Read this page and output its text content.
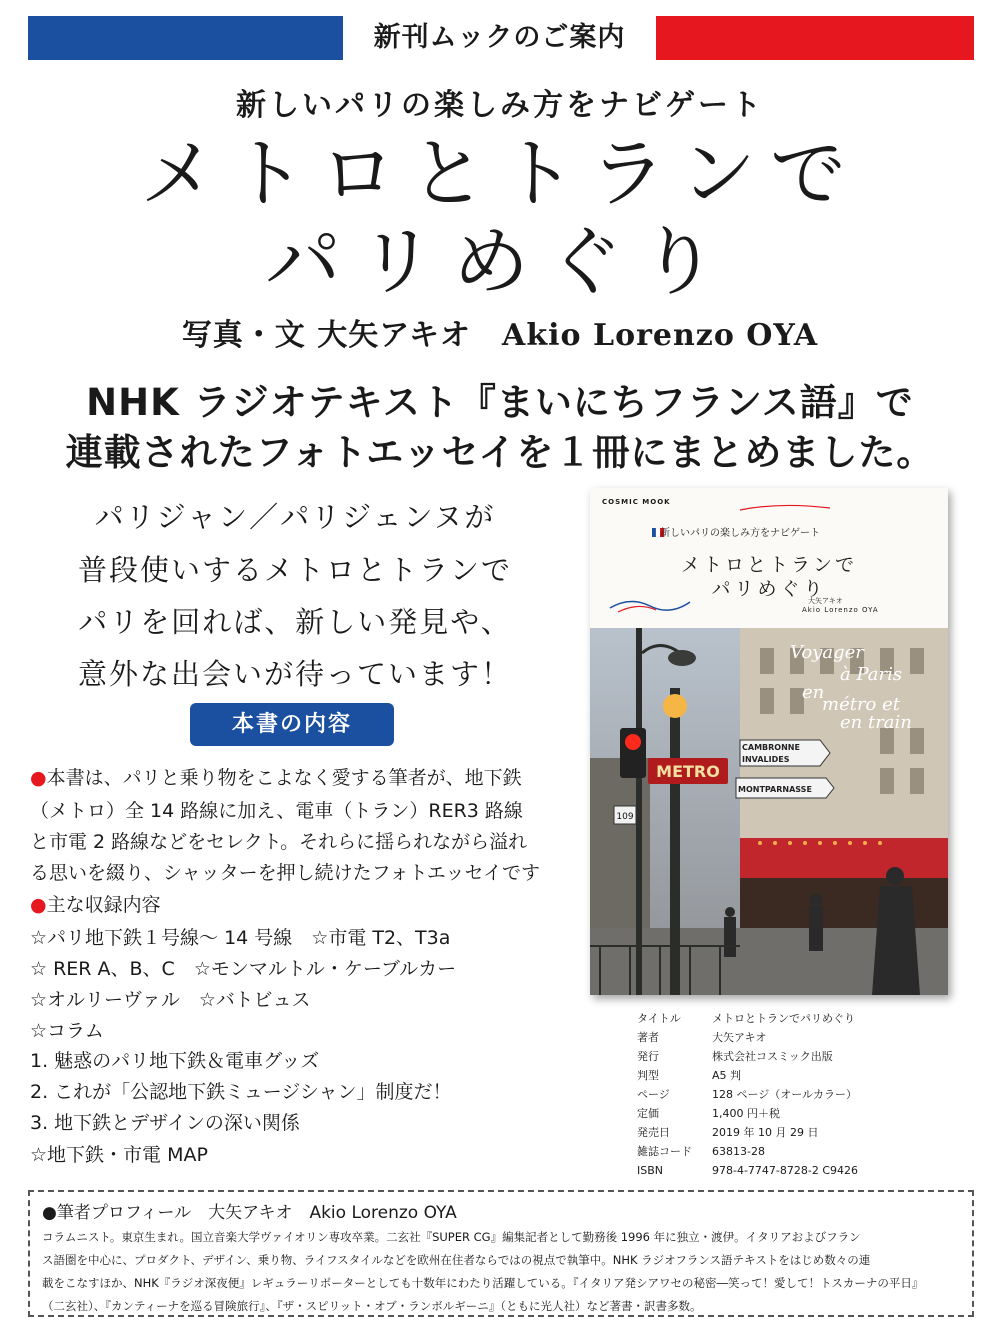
新刊ムックのご案内
新しいパリの楽しみ方をナビゲート
メトロとトランで
パリめぐり
写真・文 大矢アキオ　Akio Lorenzo OYA
NHK ラジオテキスト『まいにちフランス語』で
連載されたフォトエッセイを１冊にまとめました。
パリジャン／パリジェンヌが
普段使いするメトロとトランで
パリを回れば、新しい発見や、
意外な出会いが待っています！
本書の内容
●本書は、パリと乗り物をこよなく愛する筆者が、地下鉄
（メトロ）全 14 路線に加え、電車（トラン）RER3 路線
と市電 2 路線などをセレクト。それらに揺られながら溢れ
る思いを綴り、シャッターを押し続けたフォトエッセイです
●主な収録内容
☆パリ地下鉄１号線〜 14 号線　☆市電 T2、T3a
☆ RER A、B、C　☆モンマルトル・ケーブルカー
☆オルリーヴァル　☆バトビュス
☆コラム
1. 魅惑のパリ地下鉄＆電車グッズ
2. これが「公認地下鉄ミュージシャン」制度だ！
3. 地下鉄とデザインの深い関係
☆地下鉄・市電 MAP
COSMIC MOOK
新しいパリの楽しみ方をナビゲート
メトロとトランで
パリめぐり
大矢アキオ
Akio Lorenzo OYA
METRO
109
CAMBRONNE
INVALIDES
MONTPARNASSE
Voyager
à Paris
en
métro et
en train
タイトル	メトロとトランでパリめぐり
著者	大矢アキオ
発行	株式会社コスミック出版
判型	A5 判
ページ	128 ページ（オールカラー）
定価	1,400 円＋税
発売日	2019 年 10 月 29 日
雑誌コード	63813-28
ISBN	978-4-7747-8728-2 C9426
●筆者プロフィール　大矢アキオ　Akio Lorenzo OYA
コラムニスト。東京生まれ。国立音楽大学ヴァイオリン専攻卒業。二玄社『SUPER CG』編集記者として勤務後 1996 年に独立・渡伊。イタリアおよびフラン
ス語圏を中心に、プロダクト、デザイン、乗り物、ライフスタイルなどを欧州在住者ならではの視点で執筆中。NHK ラジオフランス語テキストをはじめ数々の連
載をこなすほか、NHK『ラジオ深夜便』レギュラーリポーターとしても十数年にわたり活躍している。『イタリア発シアワセの秘密―笑って！愛して！トスカーナの平日』
（二玄社）、『カンティーナを巡る冒険旅行』、『ザ・スピリット・オブ・ランボルギーニ』（ともに光人社）など著書・訳書多数。
